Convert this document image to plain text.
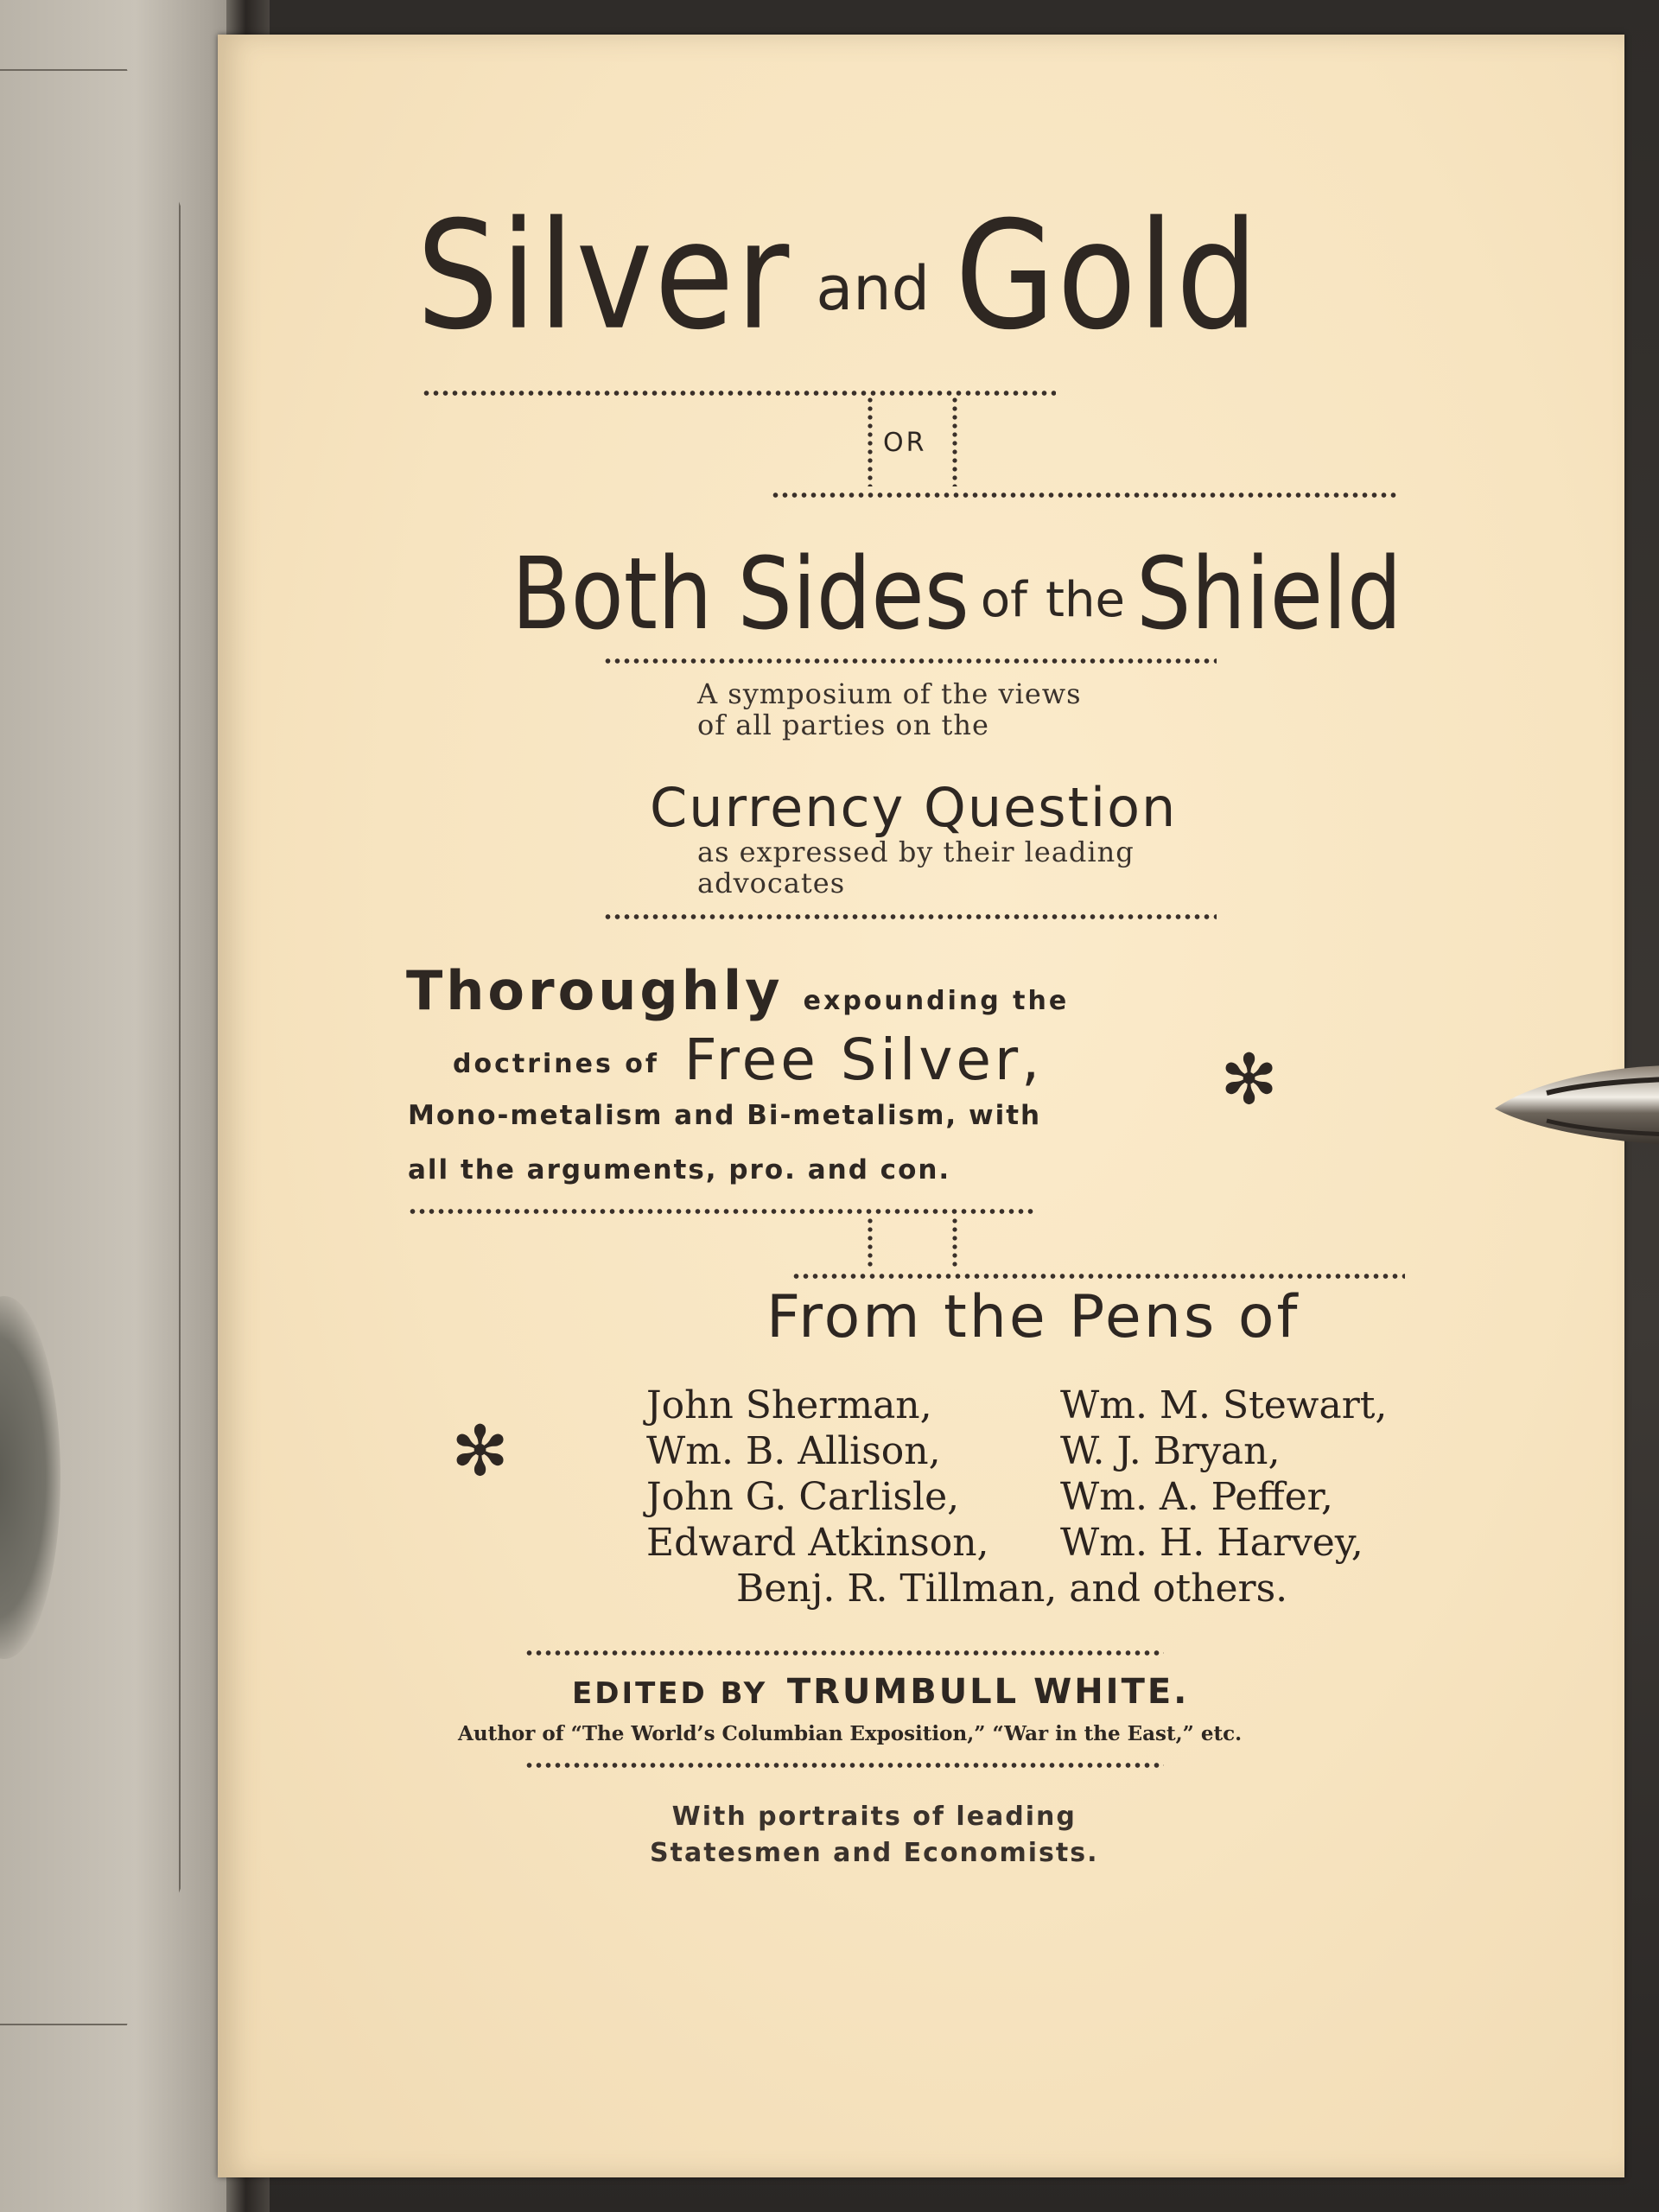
Silver and Gold
OR
Both Sides of the Shield
A symposium of the views
of all parties on the
Currency Question
as expressed by their leading
advocates
Thoroughly expounding the
doctrines of Free Silver,
Mono-metalism and Bi-metalism, with
all the arguments, pro. and con.
✻
From the Pens of
✻
John Sherman,
Wm. B. Allison,
John G. Carlisle,
Edward Atkinson,
Wm. M. Stewart,
W. J. Bryan,
Wm. A. Peffer,
Wm. H. Harvey,
Benj. R. Tillman, and others.
EDITED BY TRUMBULL WHITE.
Author of “The World’s Columbian Exposition,” “War in the East,” etc.
With portraits of leading
Statesmen and Economists.
